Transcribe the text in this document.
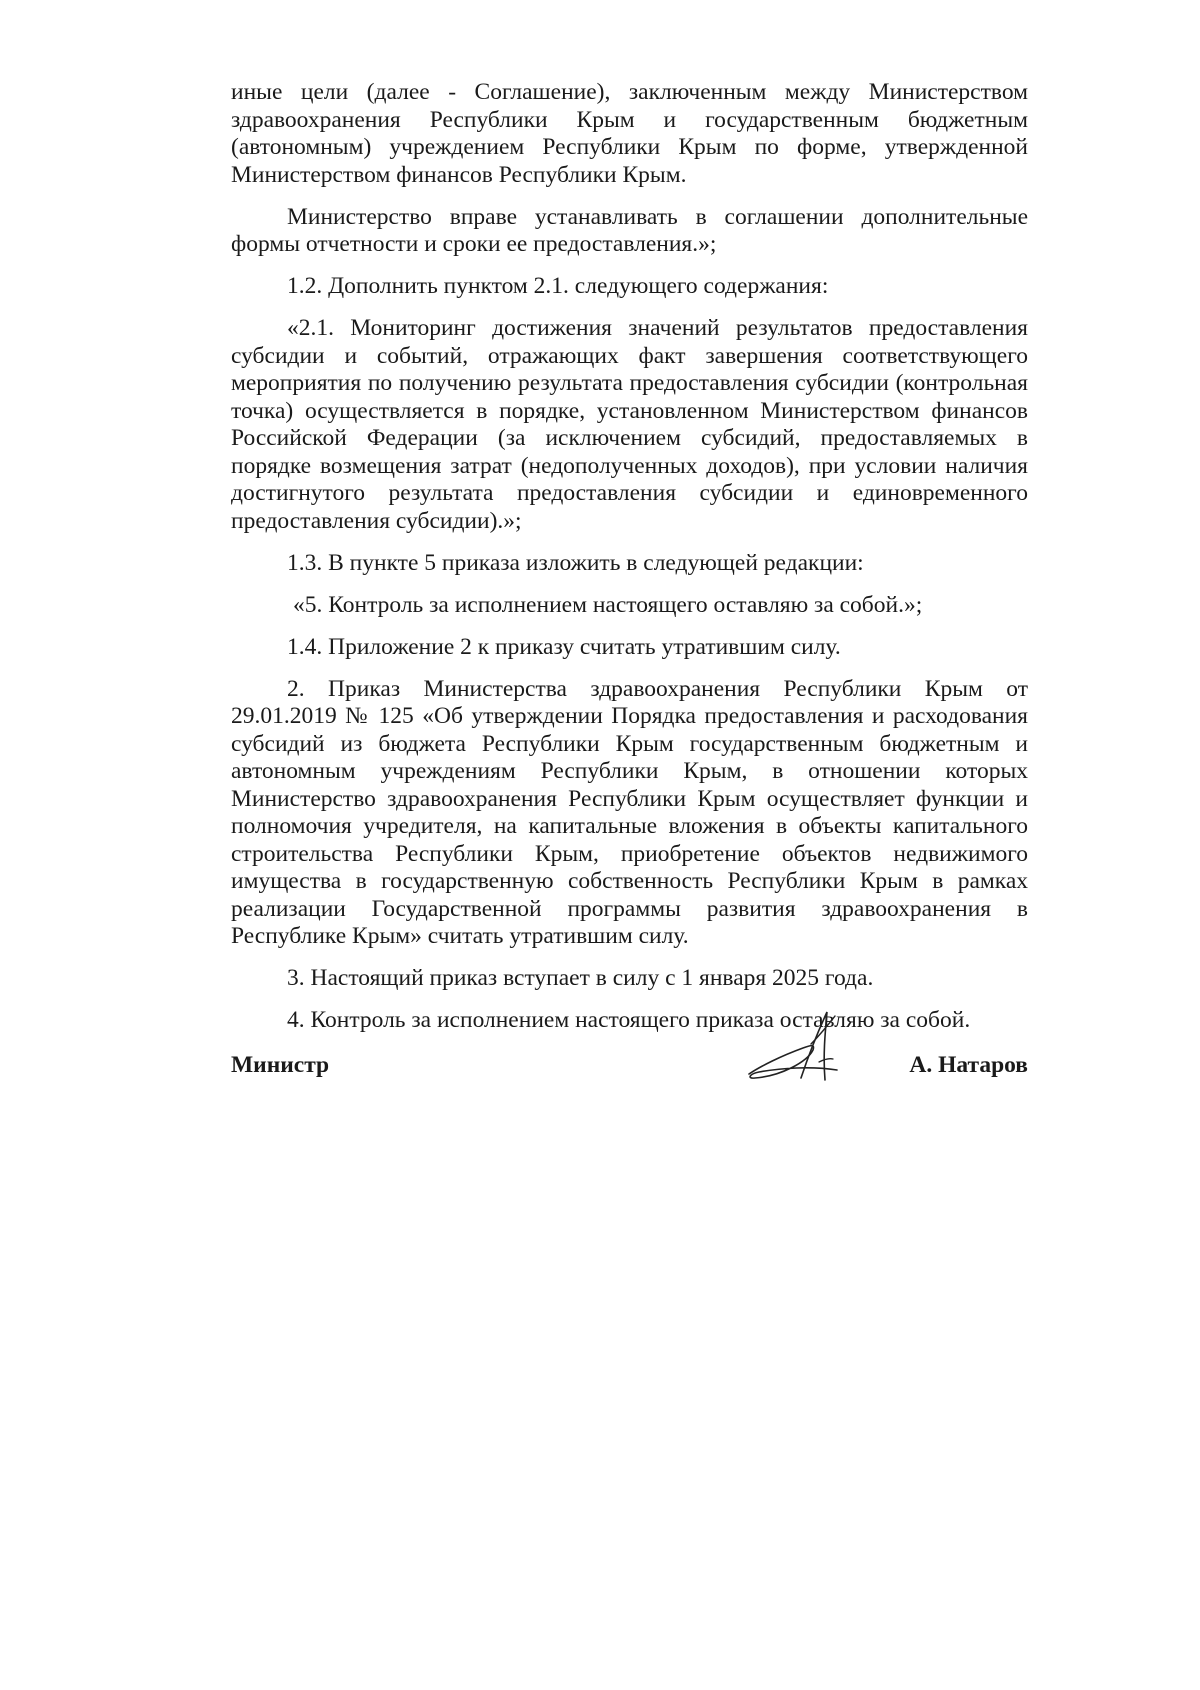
иные цели (далее - Соглашение), заключенным между Министерством здравоохранения Республики Крым и государственным бюджетным (автономным) учреждением Республики Крым по форме, утвержденной Министерством финансов Республики Крым.

Министерство вправе устанавливать в соглашении дополнительные формы отчетности и сроки ее предоставления.»;

1.2. Дополнить пунктом 2.1. следующего содержания:

«2.1. Мониторинг достижения значений результатов предоставления субсидии и событий, отражающих факт завершения соответствующего мероприятия по получению результата предоставления субсидии (контрольная точка) осуществляется в порядке, установленном Министерством финансов Российской Федерации (за исключением субсидий, предоставляемых в порядке возмещения затрат (недополученных доходов), при условии наличия достигнутого результата предоставления субсидии и единовременного предоставления субсидии).»;

1.3. В пункте 5 приказа изложить в следующей редакции:

«5. Контроль за исполнением настоящего оставляю за собой.»;

1.4. Приложение 2 к приказу считать утратившим силу.

2. Приказ Министерства здравоохранения Республики Крым от 29.01.2019 № 125 «Об утверждении Порядка предоставления и расходования субсидий из бюджета Республики Крым государственным бюджетным и автономным учреждениям Республики Крым, в отношении которых Министерство здравоохранения Республики Крым осуществляет функции и полномочия учредителя, на капитальные вложения в объекты капитального строительства Республики Крым, приобретение объектов недвижимого имущества в государственную собственность Республики Крым в рамках реализации Государственной программы развития здравоохранения в Республике Крым» считать утратившим силу.

3. Настоящий приказ вступает в силу с 1 января 2025 года.

4. Контроль за исполнением настоящего приказа оставляю за собой.

Министр	А. Натаров
